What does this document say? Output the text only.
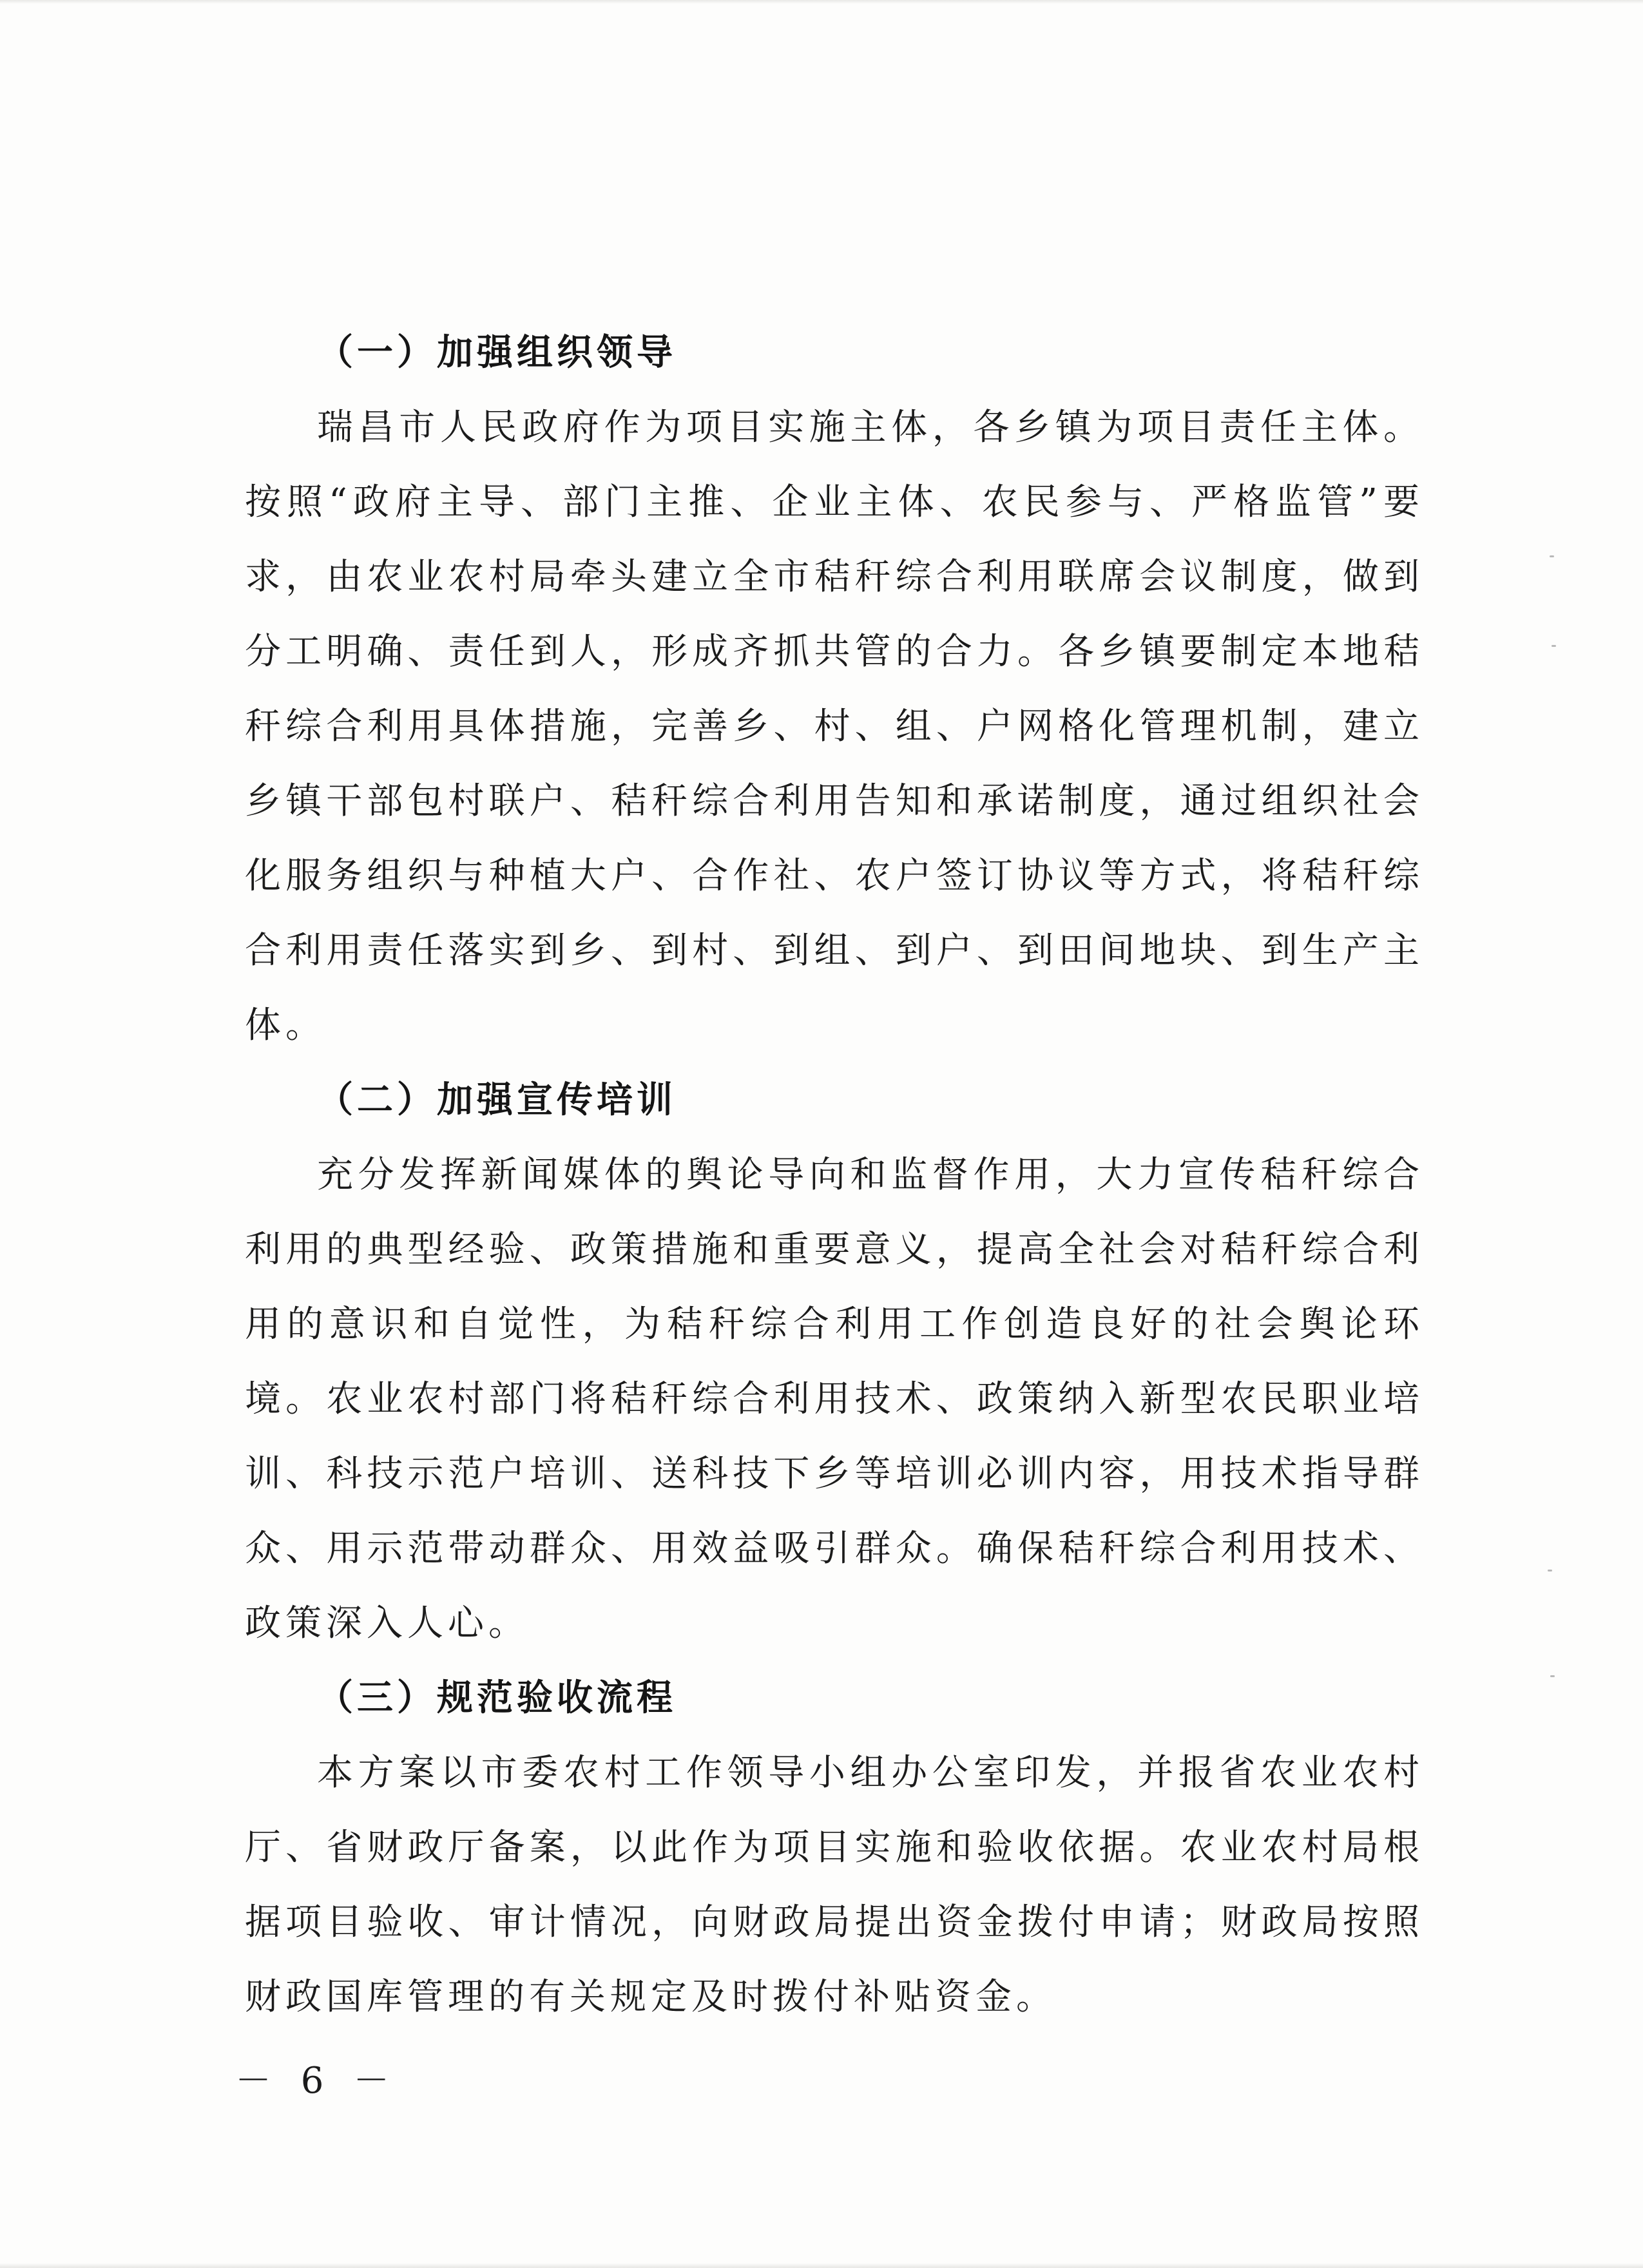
（一）加强组织领导

瑞昌市人民政府作为项目实施主体，各乡镇为项目责任主体。按照“政府主导、部门主推、企业主体、农民参与、严格监管”要求，由农业农村局牵头建立全市秸秆综合利用联席会议制度，做到分工明确、责任到人，形成齐抓共管的合力。各乡镇要制定本地秸秆综合利用具体措施，完善乡、村、组、户网格化管理机制，建立乡镇干部包村联户、秸秆综合利用告知和承诺制度，通过组织社会化服务组织与种植大户、合作社、农户签订协议等方式，将秸秆综合利用责任落实到乡、到村、到组、到户、到田间地块、到生产主体。

（二）加强宣传培训

充分发挥新闻媒体的舆论导向和监督作用，大力宣传秸秆综合利用的典型经验、政策措施和重要意义，提高全社会对秸秆综合利用的意识和自觉性，为秸秆综合利用工作创造良好的社会舆论环境。农业农村部门将秸秆综合利用技术、政策纳入新型农民职业培训、科技示范户培训、送科技下乡等培训必训内容，用技术指导群众、用示范带动群众、用效益吸引群众。确保秸秆综合利用技术、政策深入人心。

（三）规范验收流程

本方案以市委农村工作领导小组办公室印发，并报省农业农村厅、省财政厅备案，以此作为项目实施和验收依据。农业农村局根据项目验收、审计情况，向财政局提出资金拨付申请；财政局按照财政国库管理的有关规定及时拨付补贴资金。

－ 6 －
